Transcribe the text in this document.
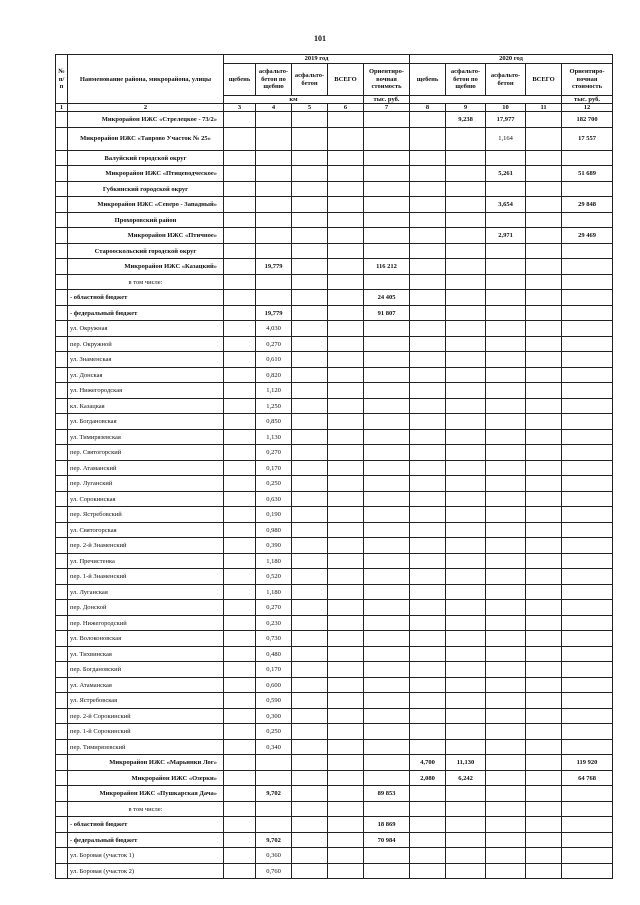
101
№ п/п	Наименование района, микрорайона, улицы	2019 год					2020 год				
		щебень	асфальто-бетон по щебню	асфальто-бетон	ВСЕГО	Ориентиро-вочная стоимость	щебень	асфальто-бетон по щебню	асфальто-бетон	ВСЕГО	Ориентиро-вочная стоимость
		км				тыс. руб.					тыс. руб.
1	2	3	4	5	6	7	8	9	10	11	12
	Микрорайон ИЖС «Стрелецкое - 73/2»							9,238	17,977		182 700
	Микрорайон ИЖС «Таврово Участок № 25»								1,164		17 557
	Валуйский городской округ										
	Микрорайон ИЖС «Птицеводческое»								5,261		51 689
	Губкинский городской округ										
	Микрорайон ИЖС «Северо - Западный»								3,654		29 848
	Прохоровский район										
	Микрорайон ИЖС «Птичное»								2,971		29 469
	Старооскольский городской округ										
	Микрорайон ИЖС «Казацкий»		19,779			116 212					
	в том числе:										
	- областной бюджет					24 405					
	- федеральный бюджет		19,779			91 807					
	ул. Окружная		4,030								
	пер. Окружной		0,270								
	ул. Знаменская		0,610								
	ул. Донская		0,820								
	ул. Нижегородская		1,120								
	кл. Казацкая		1,250								
	ул. Богдановская		0,850								
	ул. Тимирязевская		1,130								
	пер. Святогорский		0,270								
	пер. Атаманский		0,170								
	пер. Луганский		0,250								
	ул. Сорокинская		0,630								
	пер. Ястребовский		0,190								
	ул. Святогорская		0,980								
	пер. 2-й Знаменский		0,390								
	ул. Пречистенка		1,180								
	пер. 1-й Знаменский		0,520								
	ул. Луганская		1,180								
	пер. Донской		0,270								
	пер. Нижегородский		0,230								
	ул. Волоконовская		0,730								
	ул. Тихвинская		0,480								
	пер. Богдановский		0,170								
	ул. Атаманская		0,600								
	ул. Ястребовская		0,590								
	пер. 2-й Сорокинский		0,300								
	пер. 1-й Сорокинский		0,250								
	пер. Тимирязевский		0,340								
	Микрорайон ИЖС «Марьинки Лог»						4,700	11,130			119 920
	Микрорайон ИЖС «Озерки»						2,080	6,242			64 768
	Микрорайон ИЖС «Пушкарская Дача»		9,702			89 853					
	в том числе:										
	- областной бюджет					18 869					
	- федеральный бюджет		9,702			70 984					
	ул. Боровая (участок 1)		0,360								
	ул. Боровая (участок 2)		0,760								
